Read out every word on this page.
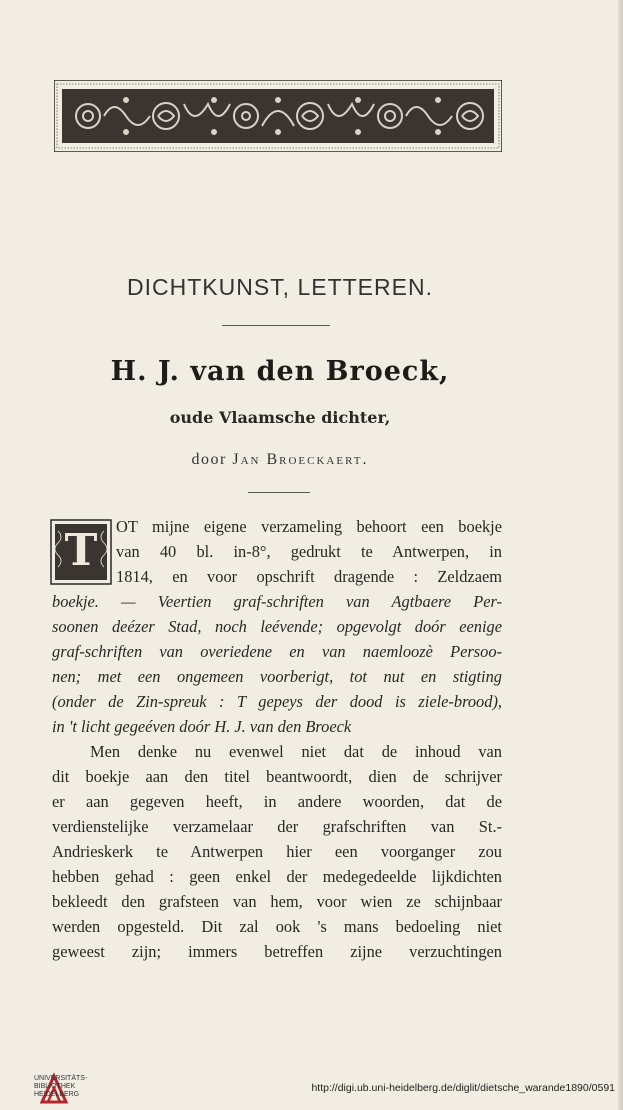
DICHTKUNST, LETTEREN.
H. J. van den Broeck,
oude Vlaamsche dichter,
door Jan Broeckaert.
T	OT mijne eigene verzameling behoort een boekje
van 40 bl. in-8°, gedrukt te Antwerpen, in
1814, en voor opschrift dragende : Zeldzaem
boekje. — Veertien graf-schriften van Agtbaere Per-
soonen deézer Stad, noch leévende; opgevolgt doór eenige
graf-schriften van overiedene en van naemloozè Persoo-
nen; met een ongemeen voorberigt, tot nut en stigting
(onder de Zin-spreuk : T gepeys der dood is ziele-brood),
in 't licht gegeéven doór H. J. van den Broeck
Men denke nu evenwel niet dat de inhoud van
dit boekje aan den titel beantwoordt, dien de schrijver
er aan gegeven heeft, in andere woorden, dat de
verdienstelijke verzamelaar der grafschriften van St.-
Andrieskerk te Antwerpen hier een voorganger zou
hebben gehad : geen enkel der medegedeelde lijkdichten
bekleedt den grafsteen van hem, voor wien ze schijnbaar
werden opgesteld. Dit zal ook 's mans bedoeling niet
geweest zijn; immers betreffen zijne verzuchtingen
UNIVERSITÄTS-
BIBLIOTHEK
HEIDELBERG
http://digi.ub.uni-heidelberg.de/diglit/dietsche_warande1890/0591
